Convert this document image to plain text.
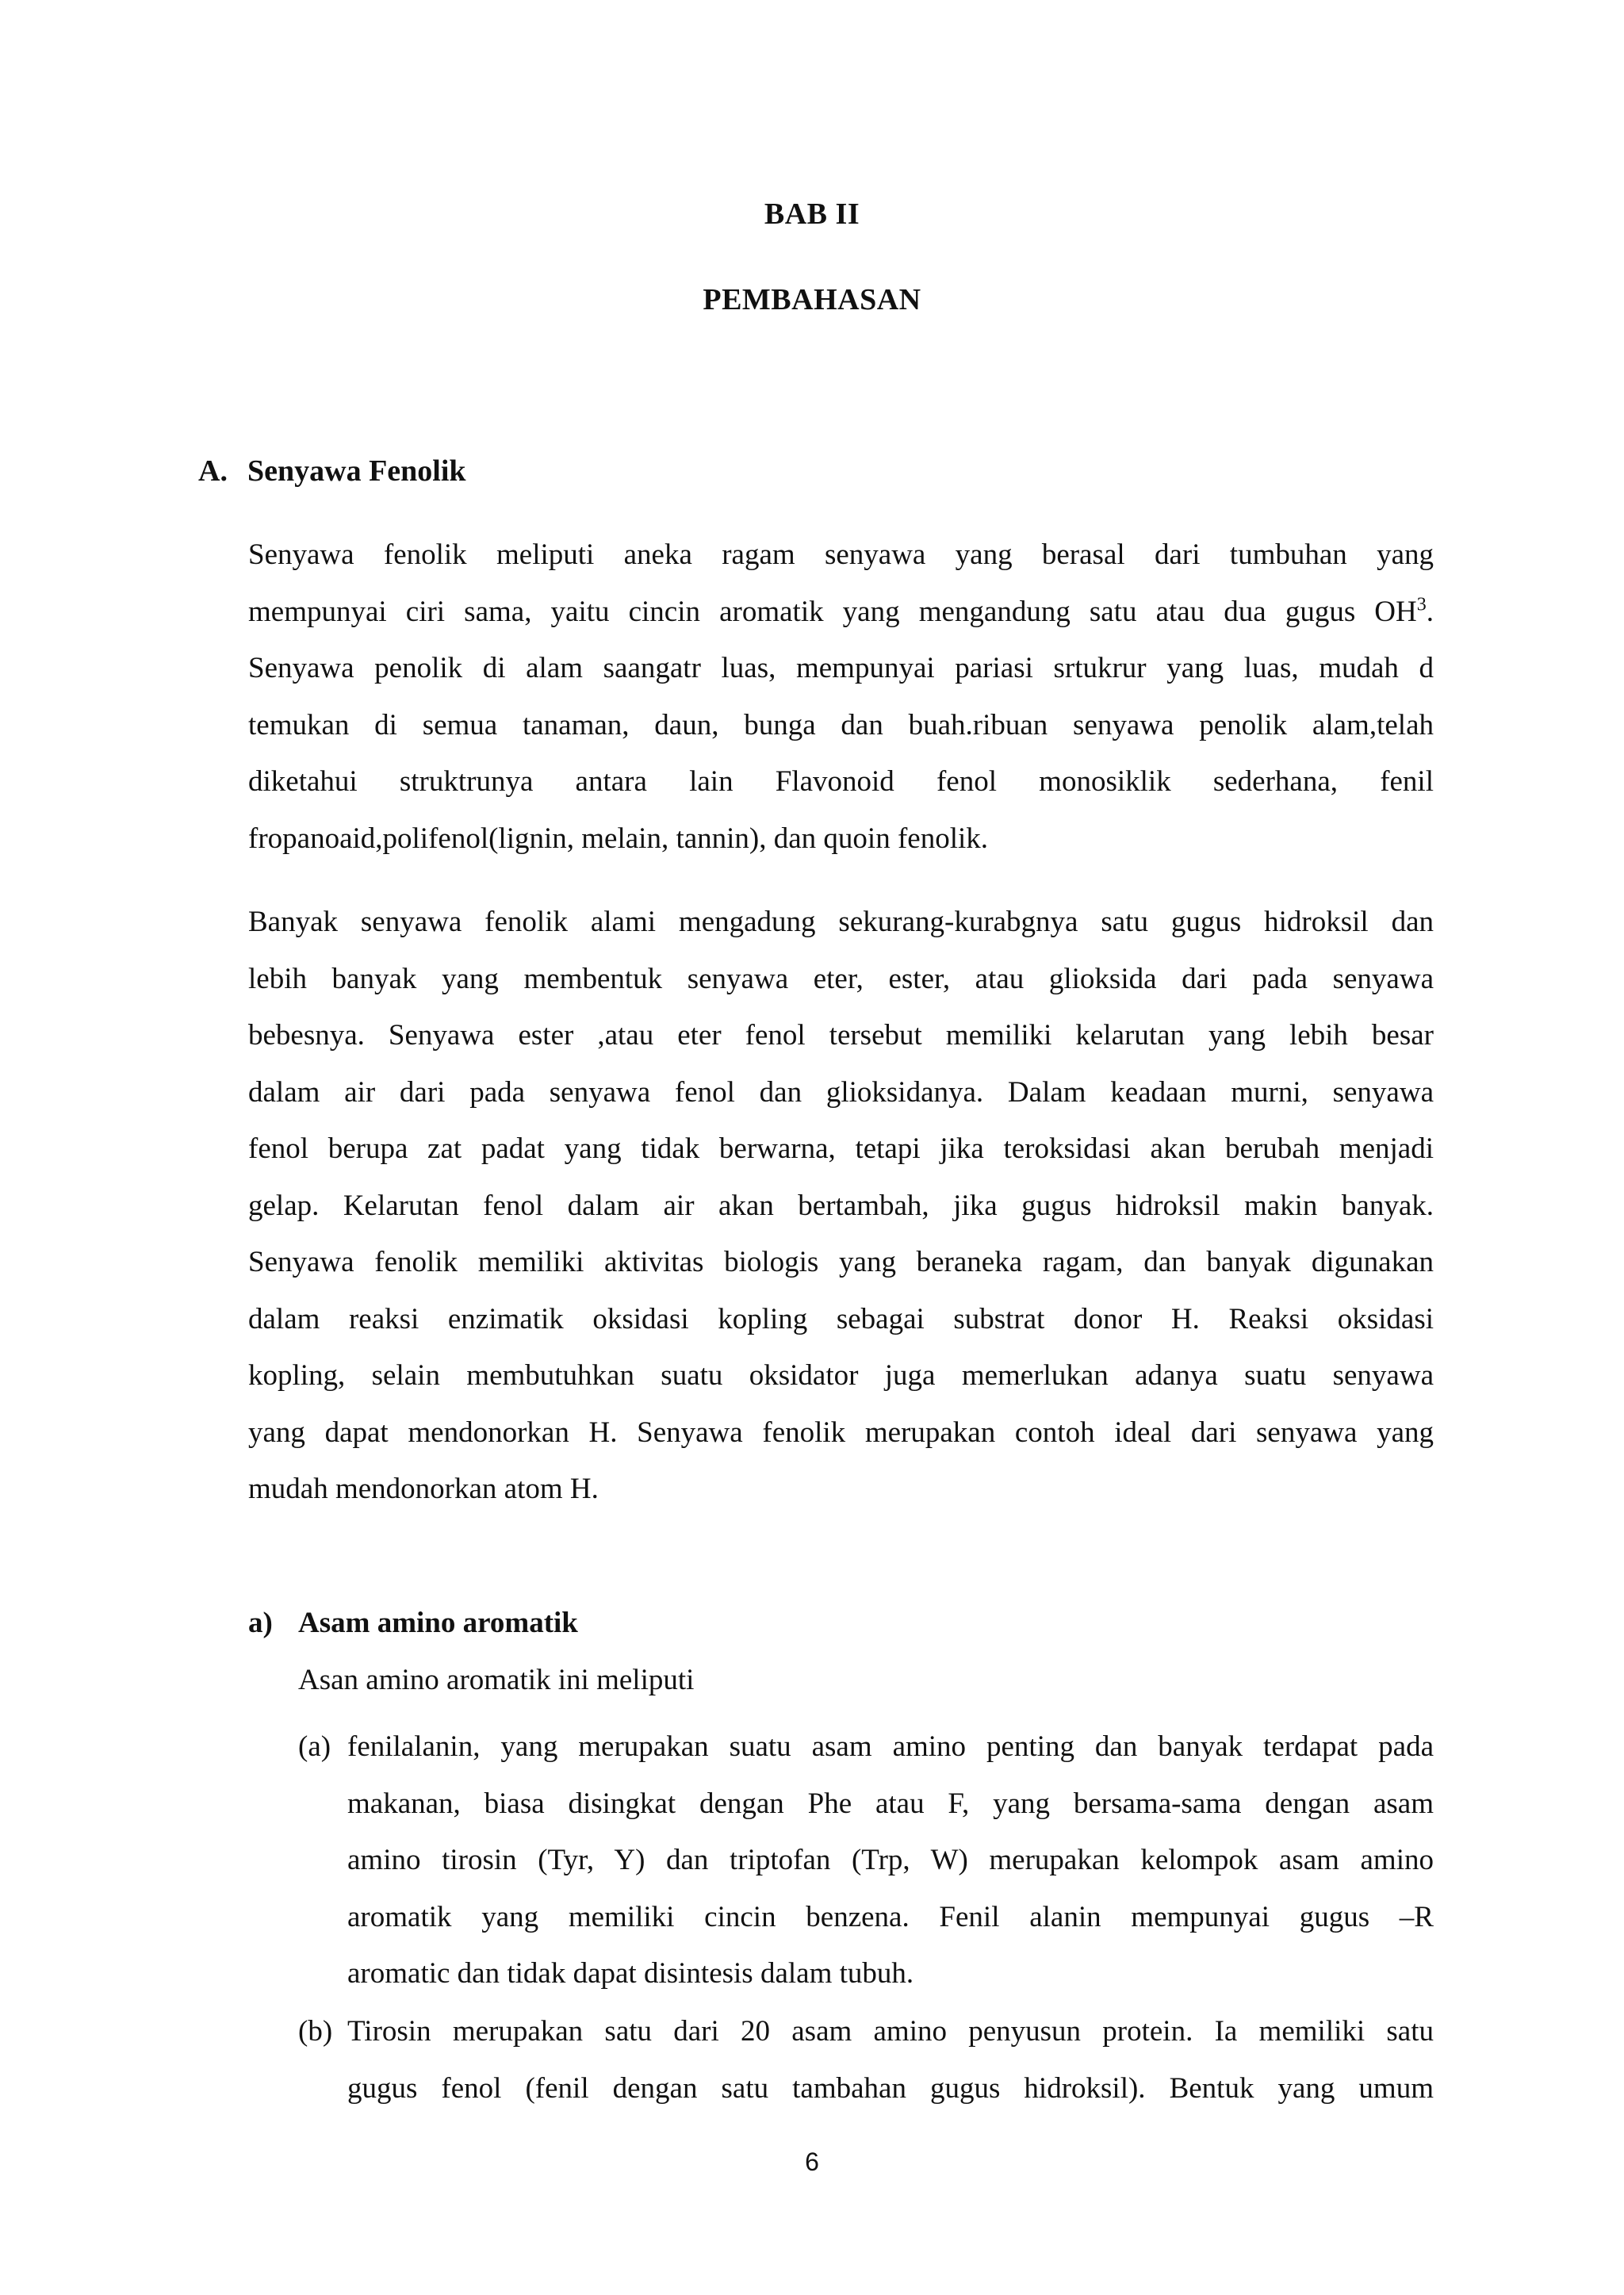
BAB II
PEMBAHASAN
A. Senyawa Fenolik
Senyawa fenolik meliputi aneka ragam senyawa yang berasal dari tumbuhan yang
mempunyai ciri sama, yaitu cincin aromatik yang mengandung satu atau dua gugus $OH^3$.
Senyawa penolik di alam saangatr luas, mempunyai pariasi srtukrur yang luas, mudah d
temukan di semua tanaman, daun, bunga dan buah.ribuan senyawa penolik alam,telah
diketahui struktrunya antara lain Flavonoid fenol monosiklik sederhana, fenil
fropanoaid,polifenol(lignin, melain, tannin), dan quoin fenolik.
Banyak senyawa fenolik alami mengadung sekurang-kurabgnya satu gugus hidroksil dan
lebih banyak yang membentuk senyawa eter, ester, atau glioksida dari pada senyawa
bebesnya. Senyawa ester ,atau eter fenol tersebut memiliki kelarutan yang lebih besar
dalam air dari pada senyawa fenol dan glioksidanya. Dalam keadaan murni, senyawa
fenol berupa zat padat yang tidak berwarna, tetapi jika teroksidasi akan berubah menjadi
gelap. Kelarutan fenol dalam air akan bertambah, jika gugus hidroksil makin banyak.
Senyawa fenolik memiliki aktivitas biologis yang beraneka ragam, dan banyak digunakan
dalam reaksi enzimatik oksidasi kopling sebagai substrat donor H. Reaksi oksidasi
kopling, selain membutuhkan suatu oksidator juga memerlukan adanya suatu senyawa
yang dapat mendonorkan H. Senyawa fenolik merupakan contoh ideal dari senyawa yang
mudah mendonorkan atom H.
a) Asam amino aromatik
Asan amino aromatik ini meliputi
(a) fenilalanin, yang merupakan suatu asam amino penting dan banyak terdapat pada
makanan, biasa disingkat dengan Phe atau F, yang bersama-sama dengan asam
amino tirosin (Tyr, Y) dan triptofan (Trp, W) merupakan kelompok asam amino
aromatik yang memiliki cincin benzena. Fenil alanin mempunyai gugus –R
aromatic dan tidak dapat disintesis dalam tubuh.
(b) Tirosin merupakan satu dari 20 asam amino penyusun protein. Ia memiliki satu
gugus fenol (fenil dengan satu tambahan gugus hidroksil). Bentuk yang umum
6
